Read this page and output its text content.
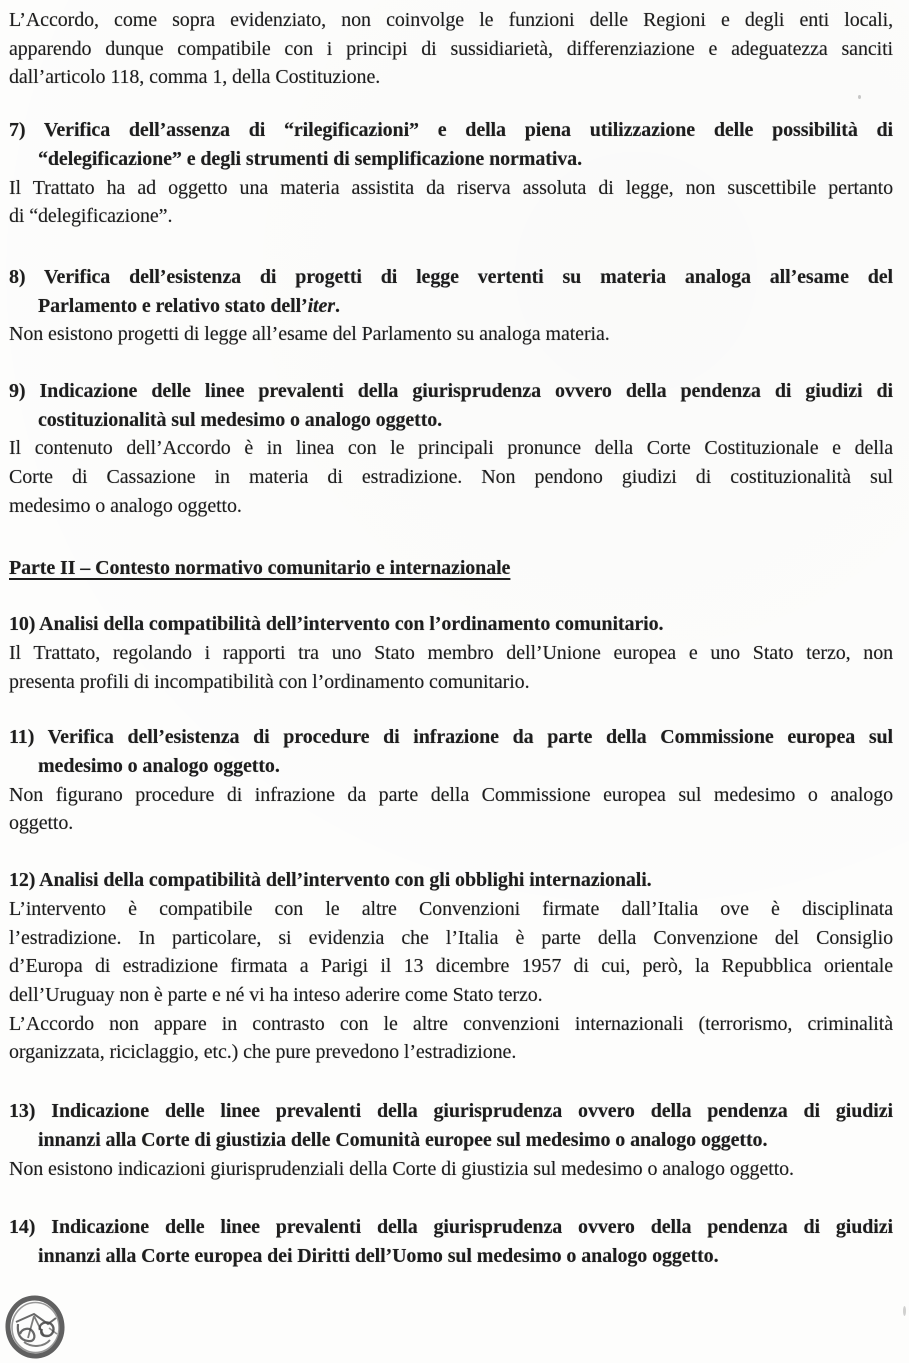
L’Accordo, come sopra evidenziato, non coinvolge le funzioni delle Regioni e degli enti locali,
apparendo dunque compatibile con i principi di sussidiarietà, differenziazione e adeguatezza sanciti
dall’articolo 118, comma 1, della Costituzione.
7) Verifica dell’assenza di “rilegificazioni” e della piena utilizzazione delle possibilità di
“delegificazione” e degli strumenti di semplificazione normativa.
Il Trattato ha ad oggetto una materia assistita da riserva assoluta di legge, non suscettibile pertanto
di “delegificazione”.
8) Verifica dell’esistenza di progetti di legge vertenti su materia analoga all’esame del
Parlamento e relativo stato dell’iter.
Non esistono progetti di legge all’esame del Parlamento su analoga materia.
9) Indicazione delle linee prevalenti della giurisprudenza ovvero della pendenza di giudizi di
costituzionalità sul medesimo o analogo oggetto.
Il contenuto dell’Accordo è in linea con le principali pronunce della Corte Costituzionale e della
Corte di Cassazione in materia di estradizione. Non pendono giudizi di costituzionalità sul
medesimo o analogo oggetto.
Parte II – Contesto normativo comunitario e internazionale
10) Analisi della compatibilità dell’intervento con l’ordinamento comunitario.
Il Trattato, regolando i rapporti tra uno Stato membro dell’Unione europea e uno Stato terzo, non
presenta profili di incompatibilità con l’ordinamento comunitario.
11) Verifica dell’esistenza di procedure di infrazione da parte della Commissione europea sul
medesimo o analogo oggetto.
Non figurano procedure di infrazione da parte della Commissione europea sul medesimo o analogo
oggetto.
12) Analisi della compatibilità dell’intervento con gli obblighi internazionali.
L’intervento è compatibile con le altre Convenzioni firmate dall’Italia ove è disciplinata
l’estradizione. In particolare, si evidenzia che l’Italia è parte della Convenzione del Consiglio
d’Europa di estradizione firmata a Parigi il 13 dicembre 1957 di cui, però, la Repubblica orientale
dell’Uruguay non è parte e né vi ha inteso aderire come Stato terzo.
L’Accordo non appare in contrasto con le altre convenzioni internazionali (terrorismo, criminalità
organizzata, riciclaggio, etc.) che pure prevedono l’estradizione.
13) Indicazione delle linee prevalenti della giurisprudenza ovvero della pendenza di giudizi
innanzi alla Corte di giustizia delle Comunità europee sul medesimo o analogo oggetto.
Non esistono indicazioni giurisprudenziali della Corte di giustizia sul medesimo o analogo oggetto.
14) Indicazione delle linee prevalenti della giurisprudenza ovvero della pendenza di giudizi
innanzi alla Corte europea dei Diritti dell’Uomo sul medesimo o analogo oggetto.
